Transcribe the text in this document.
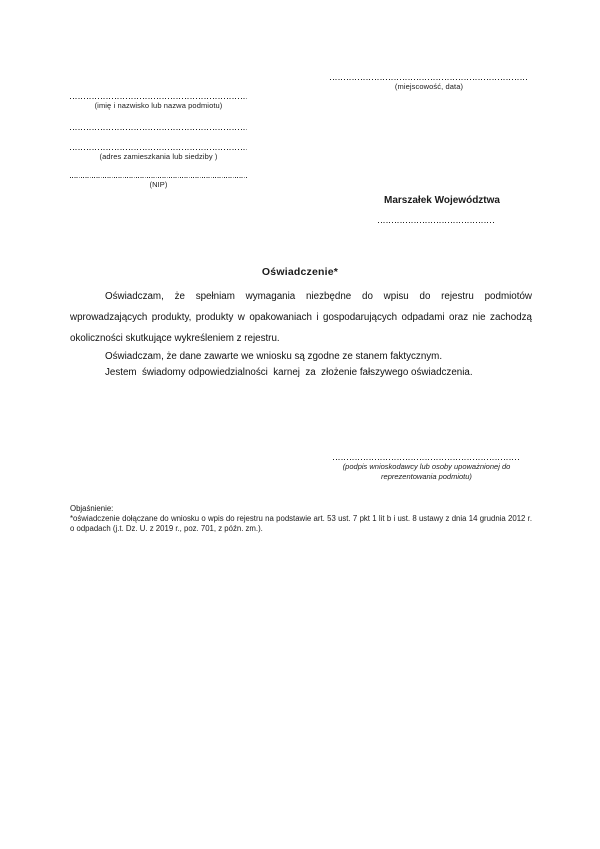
(miejscowość, data)
(imię i nazwisko lub nazwa podmiotu)
(adres zamieszkania lub siedziby )
(NIP)
Marszałek Województwa
Oświadczenie*

Oświadczam, że spełniam wymagania niezbędne do wpisu do rejestru podmiotów wprowadzających produkty, produkty w opakowaniach i gospodarujących odpadami oraz nie zachodzą okoliczności skutkujące wykreśleniem z rejestru.

Oświadczam, że dane zawarte we wniosku są zgodne ze stanem faktycznym.

Jestem  świadomy odpowiedzialności  karnej  za  złożenie fałszywego oświadczenia.

(podpis wnioskodawcy lub osoby upoważnionej do
reprezentowania podmiotu)
Objaśnienie:

*oświadczenie dołączane do wniosku o wpis do rejestru na podstawie art. 53 ust. 7 pkt 1 lit b i ust. 8 ustawy z dnia 14 grudnia 2012 r. o odpadach (j.t. Dz. U. z 2019 r., poz. 701, z późn. zm.).
